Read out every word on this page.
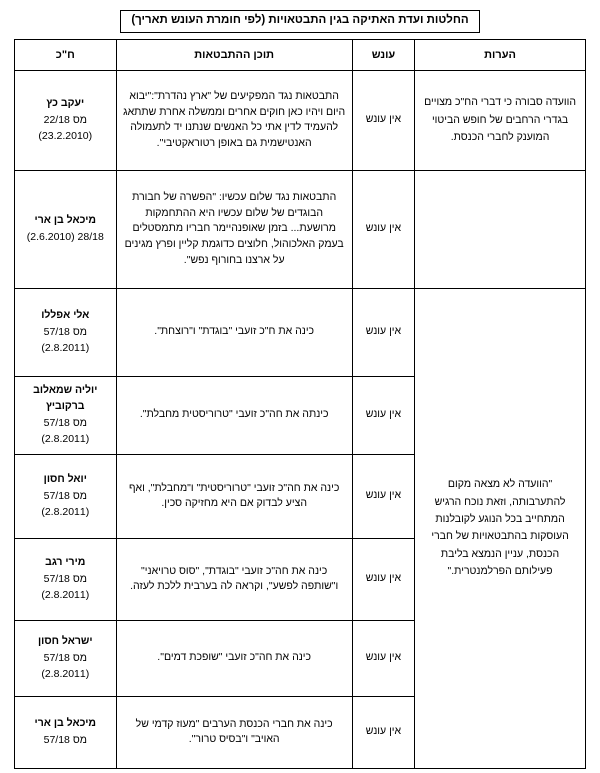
החלטות ועדת האתיקה בגין התבטאויות (לפי חומרת העונש תאריך)
הערות	עונש	תוכן ההתבטאות	ח"כ

הוועדה סבורה כי דברי הח"כ מצויים בגדרי הרחבים של חופש הביטוי המוענק לחברי הכנסת.	אין עונש	התבטאות נגד המפקיעים של "ארץ נהדרת":"יבוא היום ויהיו כאן חוקים אחרים וממשלה אחרת שתתאג להעמיד לדין אתי כל האנשים שנתנו יד לתעמולה האנטישמית גם באופן רטוראקטיבי".	יעקב כץ
מס 22/18 (23.2.2010)

	אין עונש	התבטאות נגד שלום עכשיו: "הפשרה של חבורת הבוגדים של שלום עכשיו היא ההתחמקות מרושעת... בזמן שאופנהיימר חבריו מתמסטלים בעמק האלכוהול, חלוצים כדוגמת קליין ופרץ מגינים על ארצנו בחורוף נפש".	מיכאל בן ארי
28/18 (2.6.2010)

"הוועדה לא מצאה מקום להתערבותה, וזאת נוכח הרגיש המתחייב בכל הנוגע לקובלנות העוסקות בהתבטאויות של חברי הכנסת, עניין הנמצא בליבת פעילותם הפרלמנטרית."	אין עונש	כינה את ח"כ זועבי "בוגדת" ו"רוצחת".	אלי אפללו
מס 57/18 (2.8.2011)

	אין עונש	כינתה את חה"כ זועבי "טרוריסטית מחבלת".	יוליה שמאלוב ברקוביץ
מס 57/18 (2.8.2011)

	אין עונש	כינה את חה"כ זועבי "טרוריסטית" ו"מחבלת", ואף הציע לבדוק אם היא מחזיקה סכין.	יואל חסון
מס 57/18 (2.8.2011)

	אין עונש	כינה את חה"כ זועבי "בוגדת", "סוס טרויאני" ו"שותפה לפשע", וקראה לה בערבית ללכת לעזה.	מירי רגב
מס 57/18 (2.8.2011)

	אין עונש	כינה את חה"כ זועבי "שופכת דמים".	ישראל חסון
מס 57/18 (2.8.2011)

	אין עונש	כינה את חברי הכנסת הערבים "מעוז קדמי של האויב" ו"בסיס טרור".	מיכאל בן ארי
מס 57/18
